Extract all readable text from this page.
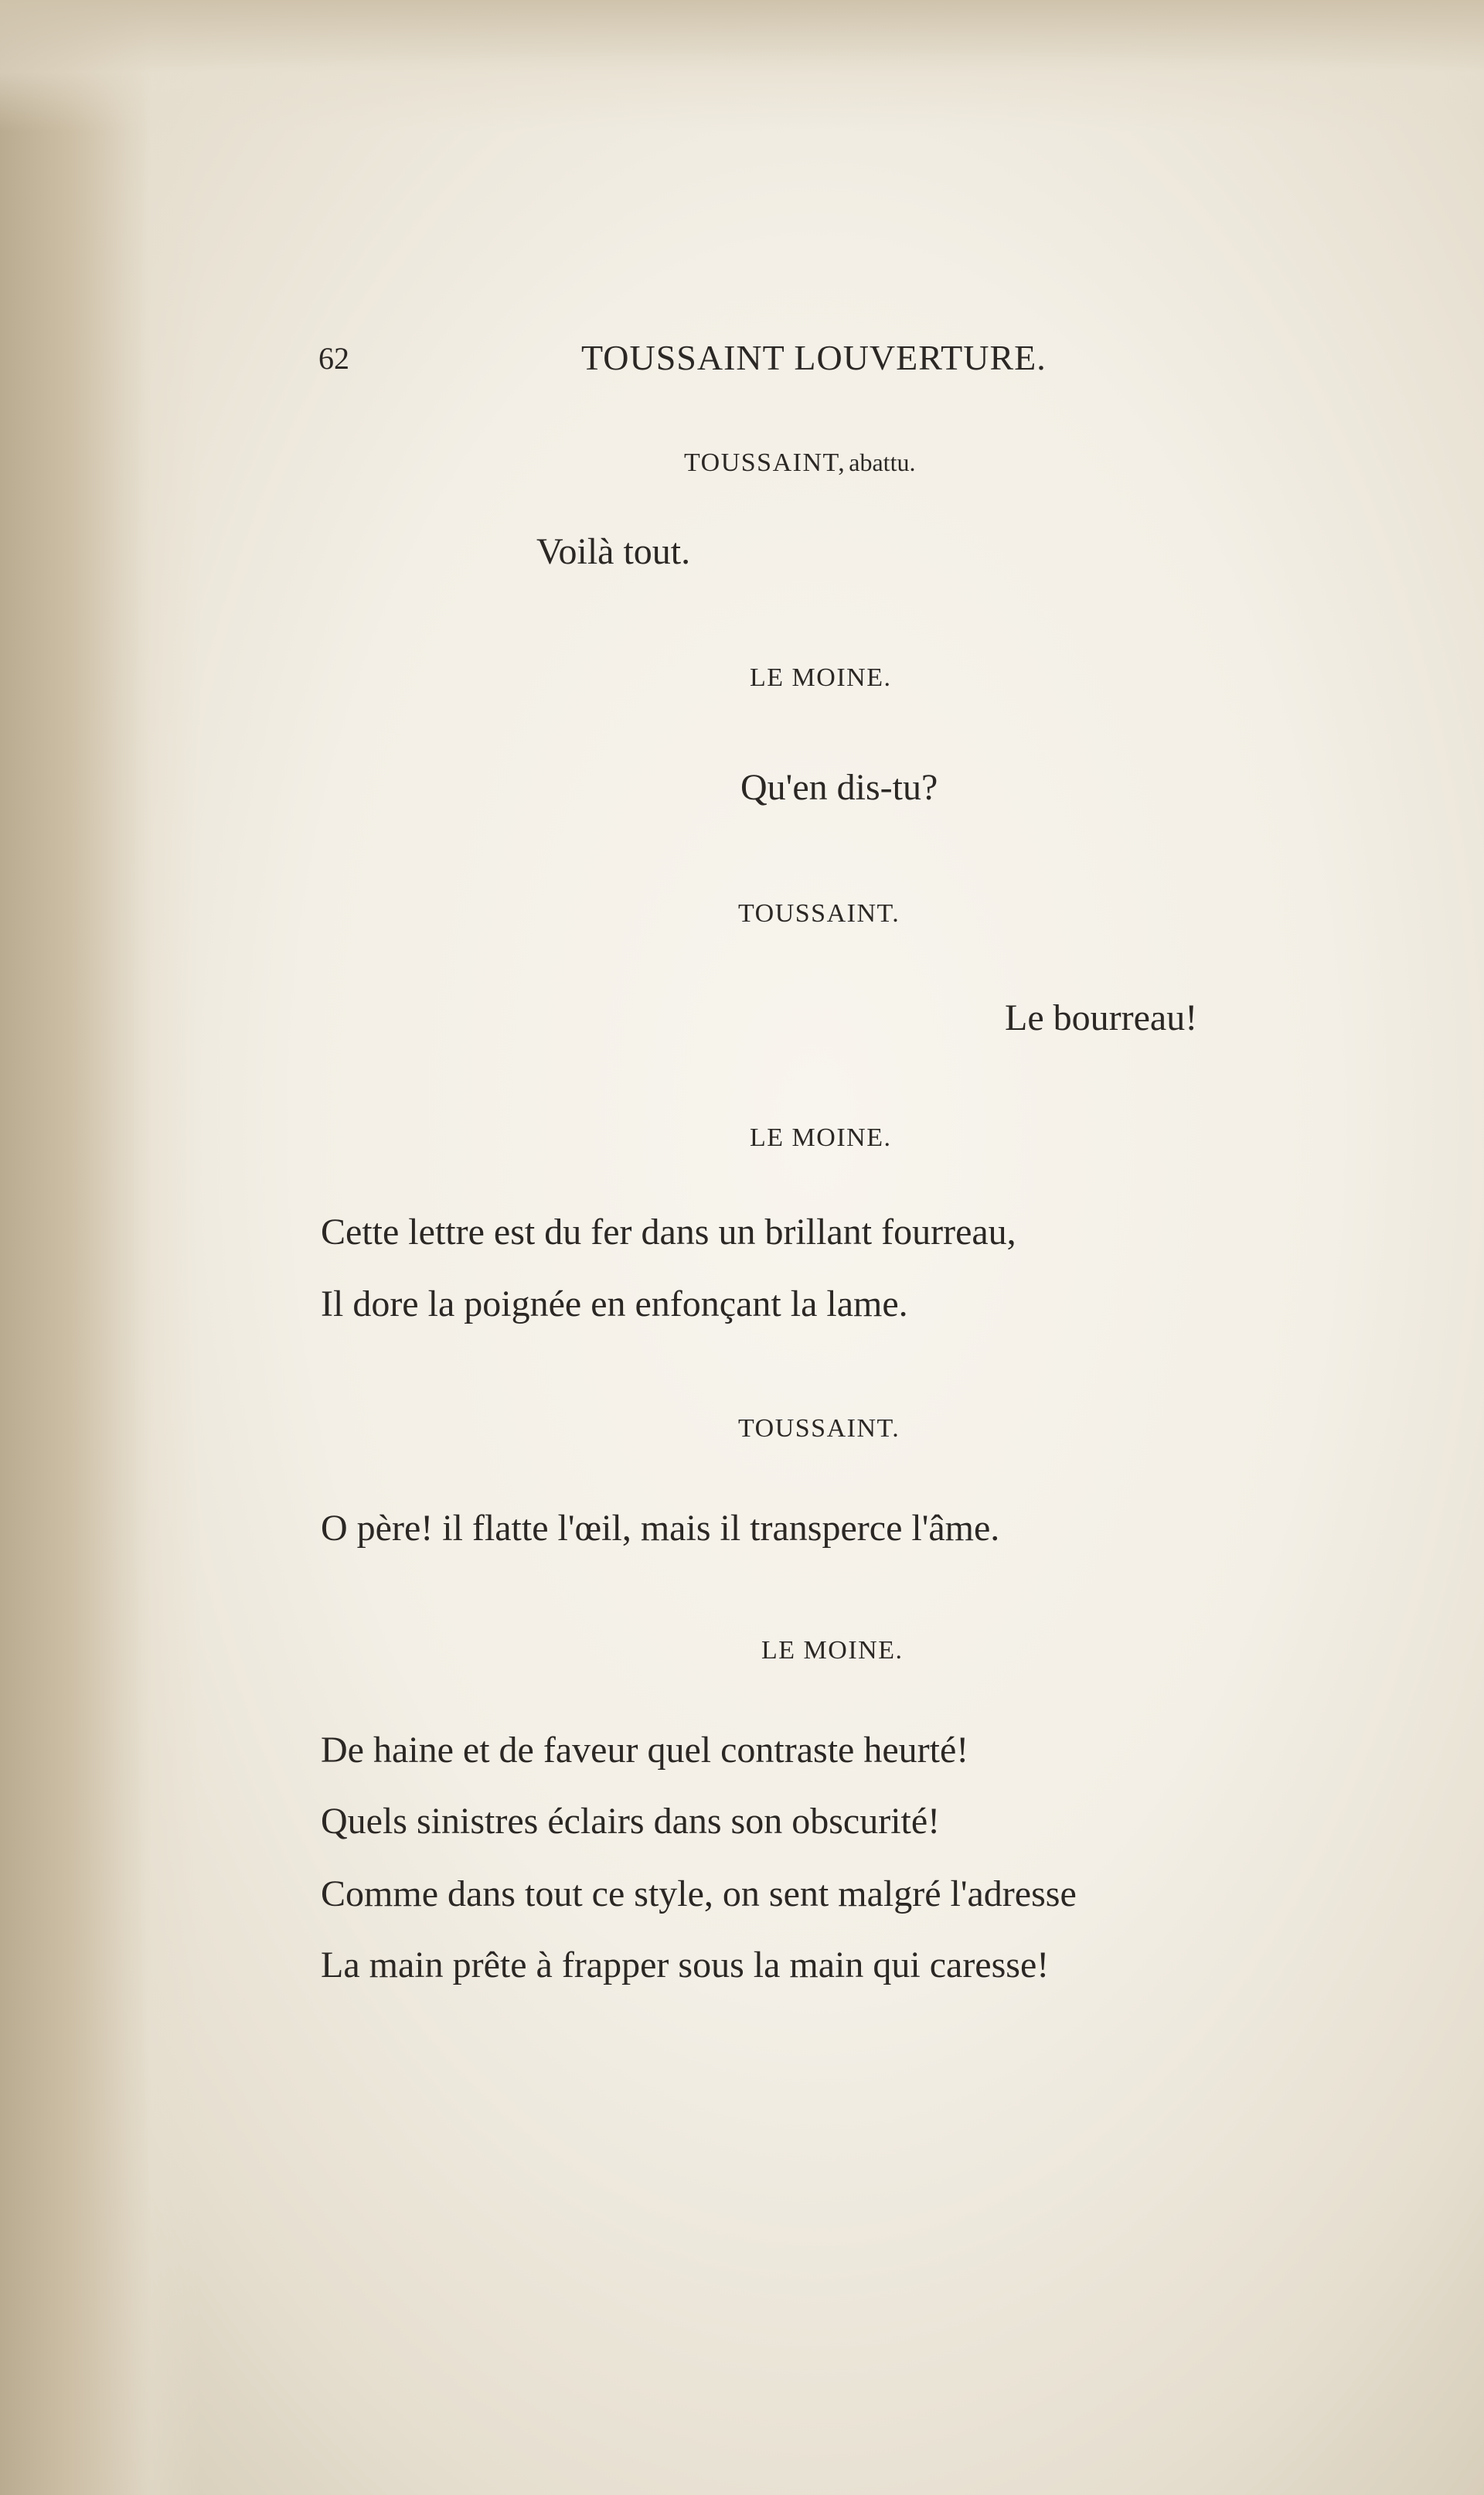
62	TOUSSAINT LOUVERTURE.
TOUSSAINT, abattu.
Voilà tout.
LE MOINE.
Qu'en dis-tu?
TOUSSAINT.
Le bourreau!
LE MOINE.
Cette lettre est du fer dans un brillant fourreau,
Il dore la poignée en enfonçant la lame.
TOUSSAINT.
O père! il flatte l'œil, mais il transperce l'âme.
LE MOINE.
De haine et de faveur quel contraste heurté!
Quels sinistres éclairs dans son obscurité!
Comme dans tout ce style, on sent malgré l'adresse
La main prête à frapper sous la main qui caresse!
